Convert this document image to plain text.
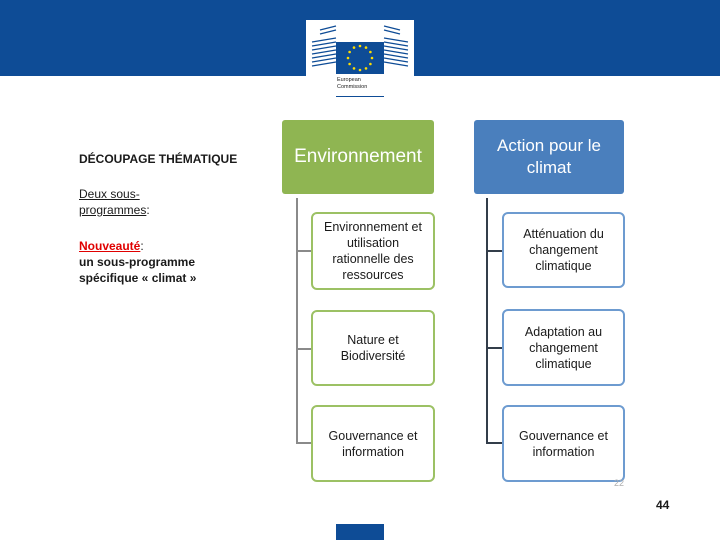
European
Commission
DÉCOUPAGE THÉMATIQUE
Deux sous-
programmes:
Nouveauté:
un sous-programme
spécifique « climat »
Environnement
Environnement et utilisation rationnelle des ressources
Nature et Biodiversité
Gouvernance et information
Action pour le climat
Atténuation du changement climatique
Adaptation au changement climatique
Gouvernance et information
22
44
